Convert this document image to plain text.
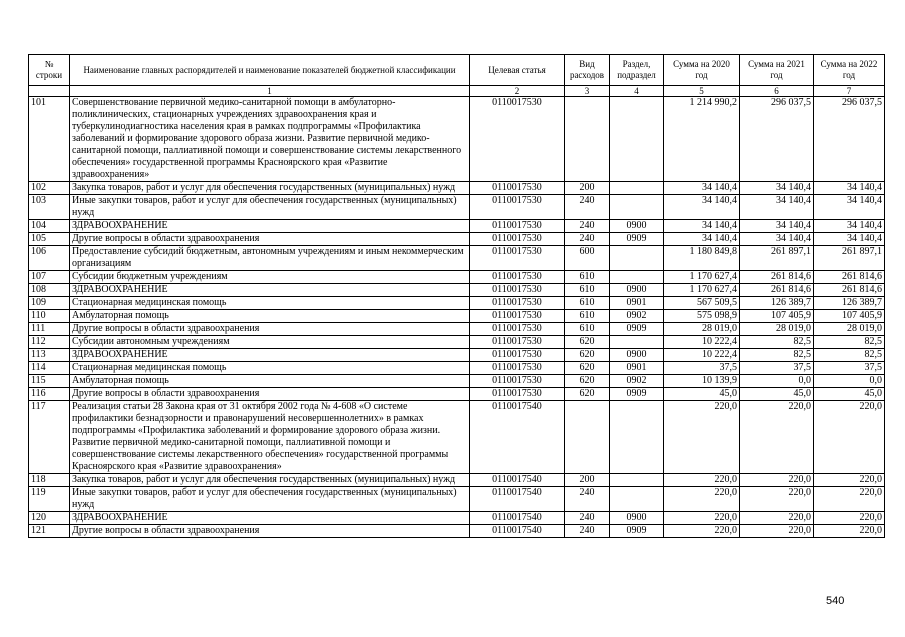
№ строки	Наименование главных распорядителей и наименование показателей бюджетной классификации	Целевая статья	Вид расходов	Раздел, подраздел	Сумма на 2020 год	Сумма на 2021 год	Сумма на 2022 год
	1	2	3	4	5	6	7
101	Совершенствование первичной медико-санитарной помощи в амбулаторно-поликлинических, стационарных учреждениях здравоохранения края и туберкулинодиагностика населения края в рамках подпрограммы «Профилактика заболеваний и формирование здорового образа жизни. Развитие первичной медико-санитарной помощи, паллиативной помощи и совершенствование системы лекарственного обеспечения» государственной программы Красноярского края «Развитие здравоохранения»	0110017530			1 214 990,2	296 037,5	296 037,5
102	Закупка товаров, работ и услуг для обеспечения государственных (муниципальных) нужд	0110017530	200		34 140,4	34 140,4	34 140,4
103	Иные закупки товаров, работ и услуг для обеспечения государственных (муниципальных) нужд	0110017530	240		34 140,4	34 140,4	34 140,4
104	ЗДРАВООХРАНЕНИЕ	0110017530	240	0900	34 140,4	34 140,4	34 140,4
105	Другие вопросы в области здравоохранения	0110017530	240	0909	34 140,4	34 140,4	34 140,4
106	Предоставление субсидий бюджетным, автономным учреждениям и иным некоммерческим организациям	0110017530	600		1 180 849,8	261 897,1	261 897,1
107	Субсидии бюджетным учреждениям	0110017530	610		1 170 627,4	261 814,6	261 814,6
108	ЗДРАВООХРАНЕНИЕ	0110017530	610	0900	1 170 627,4	261 814,6	261 814,6
109	Стационарная медицинская помощь	0110017530	610	0901	567 509,5	126 389,7	126 389,7
110	Амбулаторная помощь	0110017530	610	0902	575 098,9	107 405,9	107 405,9
111	Другие вопросы в области здравоохранения	0110017530	610	0909	28 019,0	28 019,0	28 019,0
112	Субсидии автономным учреждениям	0110017530	620		10 222,4	82,5	82,5
113	ЗДРАВООХРАНЕНИЕ	0110017530	620	0900	10 222,4	82,5	82,5
114	Стационарная медицинская помощь	0110017530	620	0901	37,5	37,5	37,5
115	Амбулаторная помощь	0110017530	620	0902	10 139,9	0,0	0,0
116	Другие вопросы в области здравоохранения	0110017530	620	0909	45,0	45,0	45,0
117	Реализация статьи 28 Закона края от 31 октября 2002 года № 4-608 «О системе профилактики безнадзорности и правонарушений несовершеннолетних» в рамках подпрограммы «Профилактика заболеваний и формирование здорового образа жизни. Развитие первичной медико-санитарной помощи, паллиативной помощи и совершенствование системы лекарственного обеспечения» государственной программы Красноярского края «Развитие здравоохранения»	0110017540			220,0	220,0	220,0
118	Закупка товаров, работ и услуг для обеспечения государственных (муниципальных) нужд	0110017540	200		220,0	220,0	220,0
119	Иные закупки товаров, работ и услуг для обеспечения государственных (муниципальных) нужд	0110017540	240		220,0	220,0	220,0
120	ЗДРАВООХРАНЕНИЕ	0110017540	240	0900	220,0	220,0	220,0
121	Другие вопросы в области здравоохранения	0110017540	240	0909	220,0	220,0	220,0
540
